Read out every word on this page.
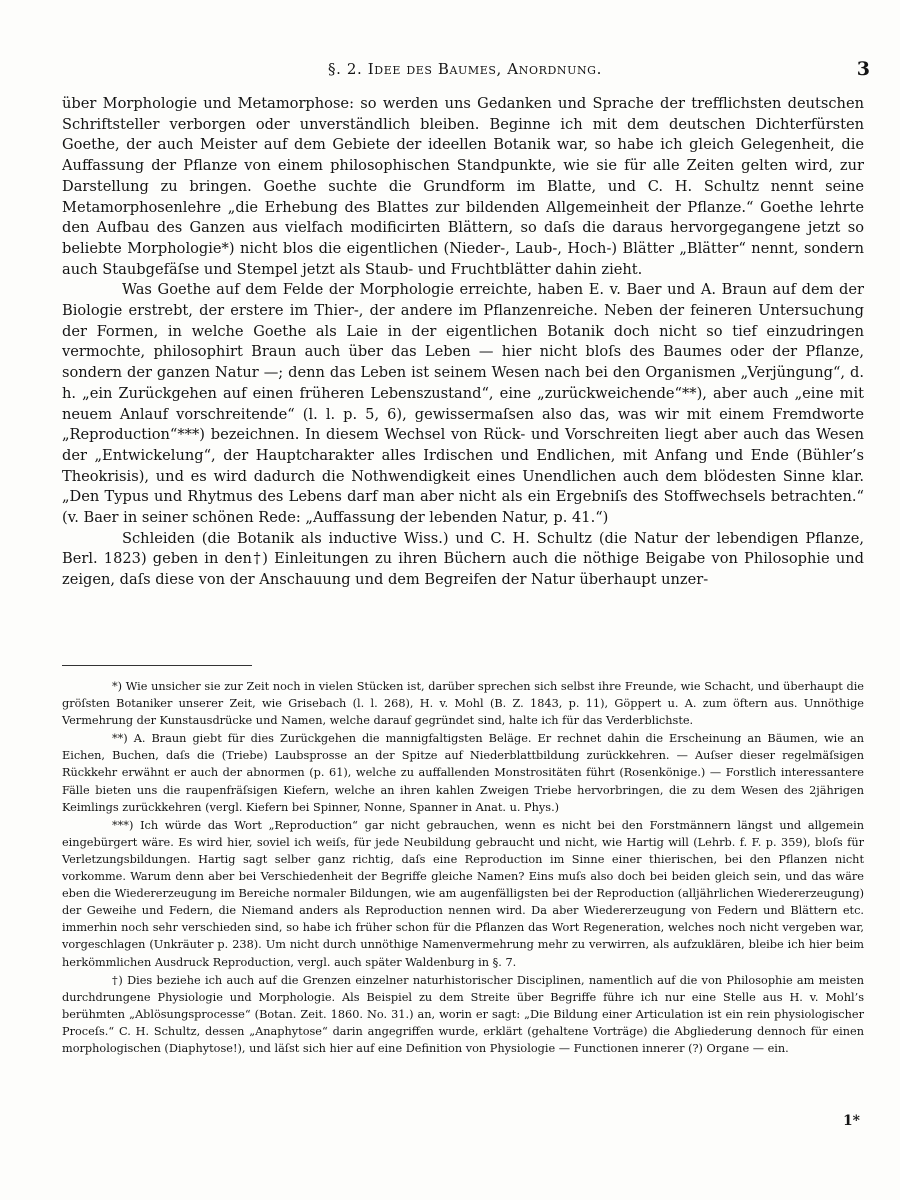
§. 2. Idee des Baumes, Anordnung.	3

über Morphologie und Metamorphose: so werden uns Gedanken und Sprache der trefflichsten deutschen Schriftsteller verborgen oder unverständlich bleiben. Beginne ich mit dem deutschen Dichterfürsten Goethe, der auch Meister auf dem Gebiete der ideellen Botanik war, so habe ich gleich Gelegenheit, die Auffassung der Pflanze von einem philosophischen Standpunkte, wie sie für alle Zeiten gelten wird, zur Darstellung zu bringen. Goethe suchte die Grundform im Blatte, und C. H. Schultz nennt seine Metamorphosenlehre „die Erhebung des Blattes zur bildenden Allgemeinheit der Pflanze.“ Goethe lehrte den Aufbau des Ganzen aus vielfach modificirten Blättern, so daſs die daraus hervorgegangene jetzt so beliebte Morphologie*) nicht blos die eigentlichen (Nieder-, Laub-, Hoch-) Blätter „Blätter“ nennt, sondern auch Staubgefäſse und Stempel jetzt als Staub- und Fruchtblätter dahin zieht.

Was Goethe auf dem Felde der Morphologie erreichte, haben E. v. Baer und A. Braun auf dem der Biologie erstrebt, der erstere im Thier-, der andere im Pflanzenreiche. Neben der feineren Untersuchung der Formen, in welche Goethe als Laie in der eigentlichen Botanik doch nicht so tief einzudringen vermochte, philosophirt Braun auch über das Leben — hier nicht bloſs des Baumes oder der Pflanze, sondern der ganzen Natur —; denn das Leben ist seinem Wesen nach bei den Organismen „Verjüngung“, d. h. „ein Zurückgehen auf einen früheren Lebenszustand“, eine „zurückweichende“**), aber auch „eine mit neuem Anlauf vorschreitende“ (l. l. p. 5, 6), gewissermaſsen also das, was wir mit einem Fremdworte „Reproduction“***) bezeichnen. In diesem Wechsel von Rück- und Vorschreiten liegt aber auch das Wesen der „Entwickelung“, der Hauptcharakter alles Irdischen und Endlichen, mit Anfang und Ende (Bühler’s Theokrisis), und es wird dadurch die Nothwendigkeit eines Unendlichen auch dem blödesten Sinne klar. „Den Typus und Rhytmus des Lebens darf man aber nicht als ein Ergebniſs des Stoffwechsels betrachten.“ (v. Baer in seiner schönen Rede: „Auffassung der lebenden Natur, p. 41.“)

Schleiden (die Botanik als inductive Wiss.) und C. H. Schultz (die Natur der lebendigen Pflanze, Berl. 1823) geben in den†) Einleitungen zu ihren Büchern auch die nöthige Beigabe von Philosophie und zeigen, daſs diese von der Anschauung und dem Begreifen der Natur überhaupt unzer-

*) Wie unsicher sie zur Zeit noch in vielen Stücken ist, darüber sprechen sich selbst ihre Freunde, wie Schacht, und überhaupt die gröſsten Botaniker unserer Zeit, wie Grisebach (l. l. 268), H. v. Mohl (B. Z. 1843, p. 11), Göppert u. A. zum öftern aus. Unnöthige Vermehrung der Kunstausdrücke und Namen, welche darauf gegründet sind, halte ich für das Verderblichste.

**) A. Braun giebt für dies Zurückgehen die mannigfaltigsten Beläge. Er rechnet dahin die Erscheinung an Bäumen, wie an Eichen, Buchen, daſs die (Triebe) Laubsprosse an der Spitze auf Niederblattbildung zurückkehren. — Auſser dieser regelmäſsigen Rückkehr erwähnt er auch der abnormen (p. 61), welche zu auffallenden Monstrositäten führt (Rosenkönige.) — Forstlich interessantere Fälle bieten uns die raupenfräſsigen Kiefern, welche an ihren kahlen Zweigen Triebe hervorbringen, die zu dem Wesen des 2jährigen Keimlings zurückkehren (vergl. Kiefern bei Spinner, Nonne, Spanner in Anat. u. Phys.)

***) Ich würde das Wort „Reproduction“ gar nicht gebrauchen, wenn es nicht bei den Forstmännern längst und allgemein eingebürgert wäre. Es wird hier, soviel ich weiſs, für jede Neubildung gebraucht und nicht, wie Hartig will (Lehrb. f. F. p. 359), bloſs für Verletzungsbildungen. Hartig sagt selber ganz richtig, daſs eine Reproduction im Sinne einer thierischen, bei den Pflanzen nicht vorkomme. Warum denn aber bei Verschiedenheit der Begriffe gleiche Namen? Eins muſs also doch bei beiden gleich sein, und das wäre eben die Wiedererzeugung im Bereiche normaler Bildungen, wie am augenfälligsten bei der Reproduction (alljährlichen Wiedererzeugung) der Geweihe und Federn, die Niemand anders als Reproduction nennen wird. Da aber Wiedererzeugung von Federn und Blättern etc. immerhin noch sehr verschieden sind, so habe ich früher schon für die Pflanzen das Wort Regeneration, welches noch nicht vergeben war, vorgeschlagen (Unkräuter p. 238). Um nicht durch unnöthige Namenvermehrung mehr zu verwirren, als aufzuklären, bleibe ich hier beim herkömmlichen Ausdruck Reproduction, vergl. auch später Waldenburg in §. 7.

†) Dies beziehe ich auch auf die Grenzen einzelner naturhistorischer Disciplinen, namentlich auf die von Philosophie am meisten durchdrungene Physiologie und Morphologie. Als Beispiel zu dem Streite über Begriffe führe ich nur eine Stelle aus H. v. Mohl’s berühmten „Ablösungsprocesse“ (Botan. Zeit. 1860. No. 31.) an, worin er sagt: „Die Bildung einer Articulation ist ein rein physiologischer Proceſs.“ C. H. Schultz, dessen „Anaphytose“ darin angegriffen wurde, erklärt (gehaltene Vorträge) die Abgliederung dennoch für einen morphologischen (Diaphytose!), und läſst sich hier auf eine Definition von Physiologie — Functionen innerer (?) Organe — ein.

1*
